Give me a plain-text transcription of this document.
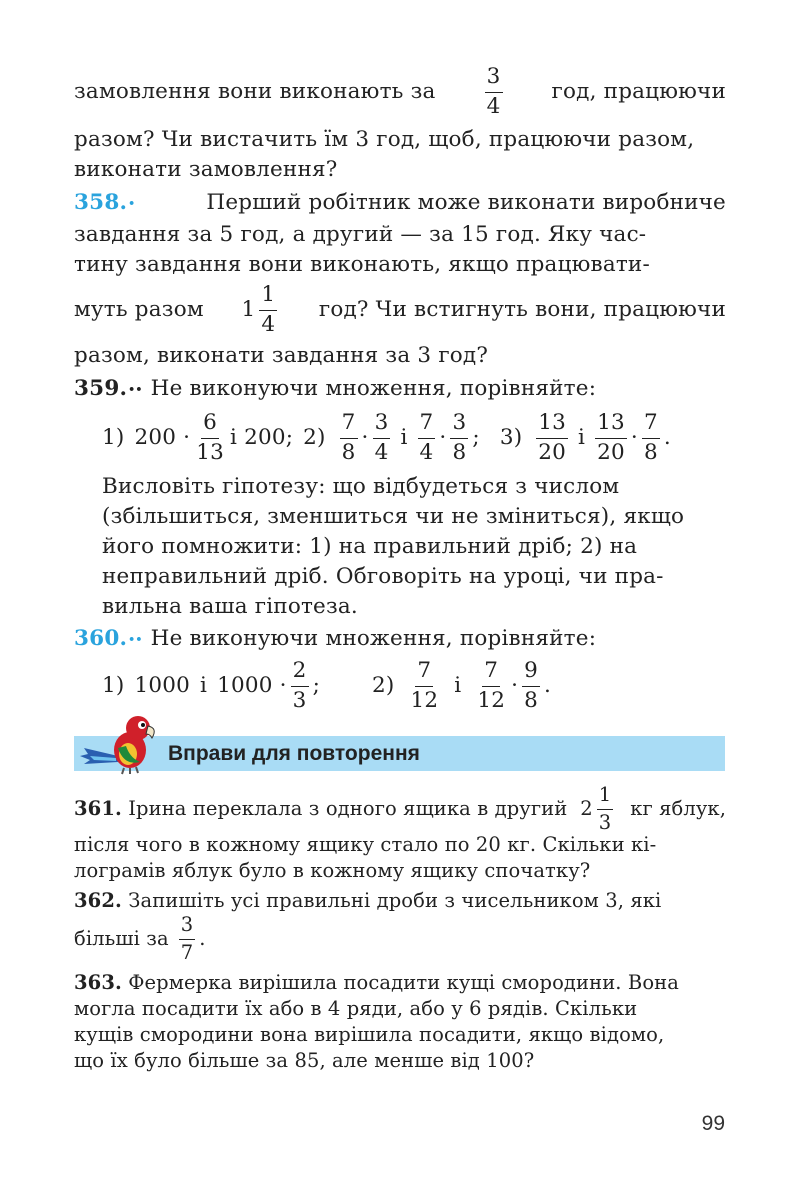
замовлення вони виконають за $\frac{3}{4}$ год, працюючи
разом? Чи вистачить їм 3 год, щоб, працюючи разом,
виконати замовлення?
358. •	Перший робітник може виконати виробниче
завдання за 5 год, а другий — за 15 год. Яку час-
тину завдання вони виконають, якщо працювати-
муть разом $1 \frac{1}{4}$ год? Чи встигнуть вони, працюючи
разом, виконати завдання за 3 год?
359. •• Не виконуючи множення, порівняйте:
1) $200 \cdot \frac{6}{13}$ і 200; $2) \frac{7}{8} \cdot \frac{3}{4}$ і $\frac{7}{4} \cdot \frac{3}{8}$ ; $3) \frac{13}{20}$ і $\frac{13}{20} \cdot \frac{7}{8}$ .
Висловіть гіпотезу: що відбудеться з числом
(збільшиться, зменшиться чи не зміниться), якщо
його помножити: 1) на правильний дріб; 2) на
неправильний дріб. Обговоріть на уроці, чи пра-
вильна ваша гіпотеза.
360. •• Не виконуючи множення, порівняйте:
1) 1000 і $1000 \cdot \frac{2}{3}$ ; $2) \frac{7}{12}$ і $\frac{7}{12} \cdot \frac{9}{8}$ .
Вправи для повторення
361.
Ірина переклала з одного ящика в другий $2 \frac{1}{3}$ кг яблук,
після чого в кожному ящику стало по 20 кг. Скільки кі-
лограмів яблук було в кожному ящику спочатку?
362.
Запишіть усі правильні дроби з чисельником 3, які
більші за $\frac{3}{7}$ .
363.
Фермерка вирішила посадити кущі смородини. Вона
могла посадити їх або в 4 ряди, або у 6 рядів. Скільки
кущів смородини вона вирішила посадити, якщо відомо,
що їх було більше за 85, але менше від 100?
99
